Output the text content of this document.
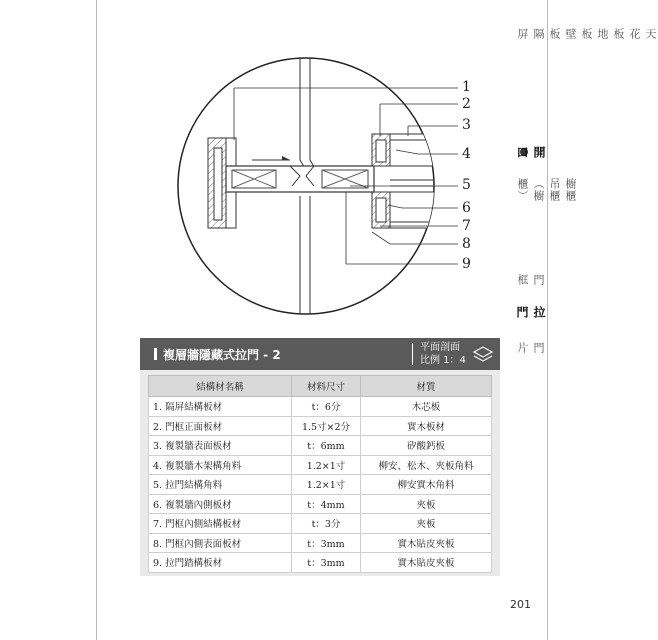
1
2
3
4
5
6
7
8
9
天花板 地板 壁板 隔屏
開口
櫥櫃 吊櫃（櫥櫃）
門框
拉門
門片
複層牆隱藏式拉門 - 2
平面剖面
比例 1：4
結構材名稱	材料尺寸	材質
1. 隔屏結構板材	t：6分	木芯板
2. 門框正面板材	1.5寸×2分	實木板材
3. 複製牆表面板材	t：6mm	矽酸鈣板
4. 複製牆木架構角料	1.2×1寸	柳安、松木、夾板角料
5. 拉門結構角料	1.2×1寸	柳安實木角料
6. 複製牆內側板材	t：4mm	夾板
7. 門框內側結構板材	t：3分	夾板
8. 門框內側表面板材	t：3mm	實木貼皮夾板
9. 拉門踏構板材	t：3mm	實木貼皮夾板
201
